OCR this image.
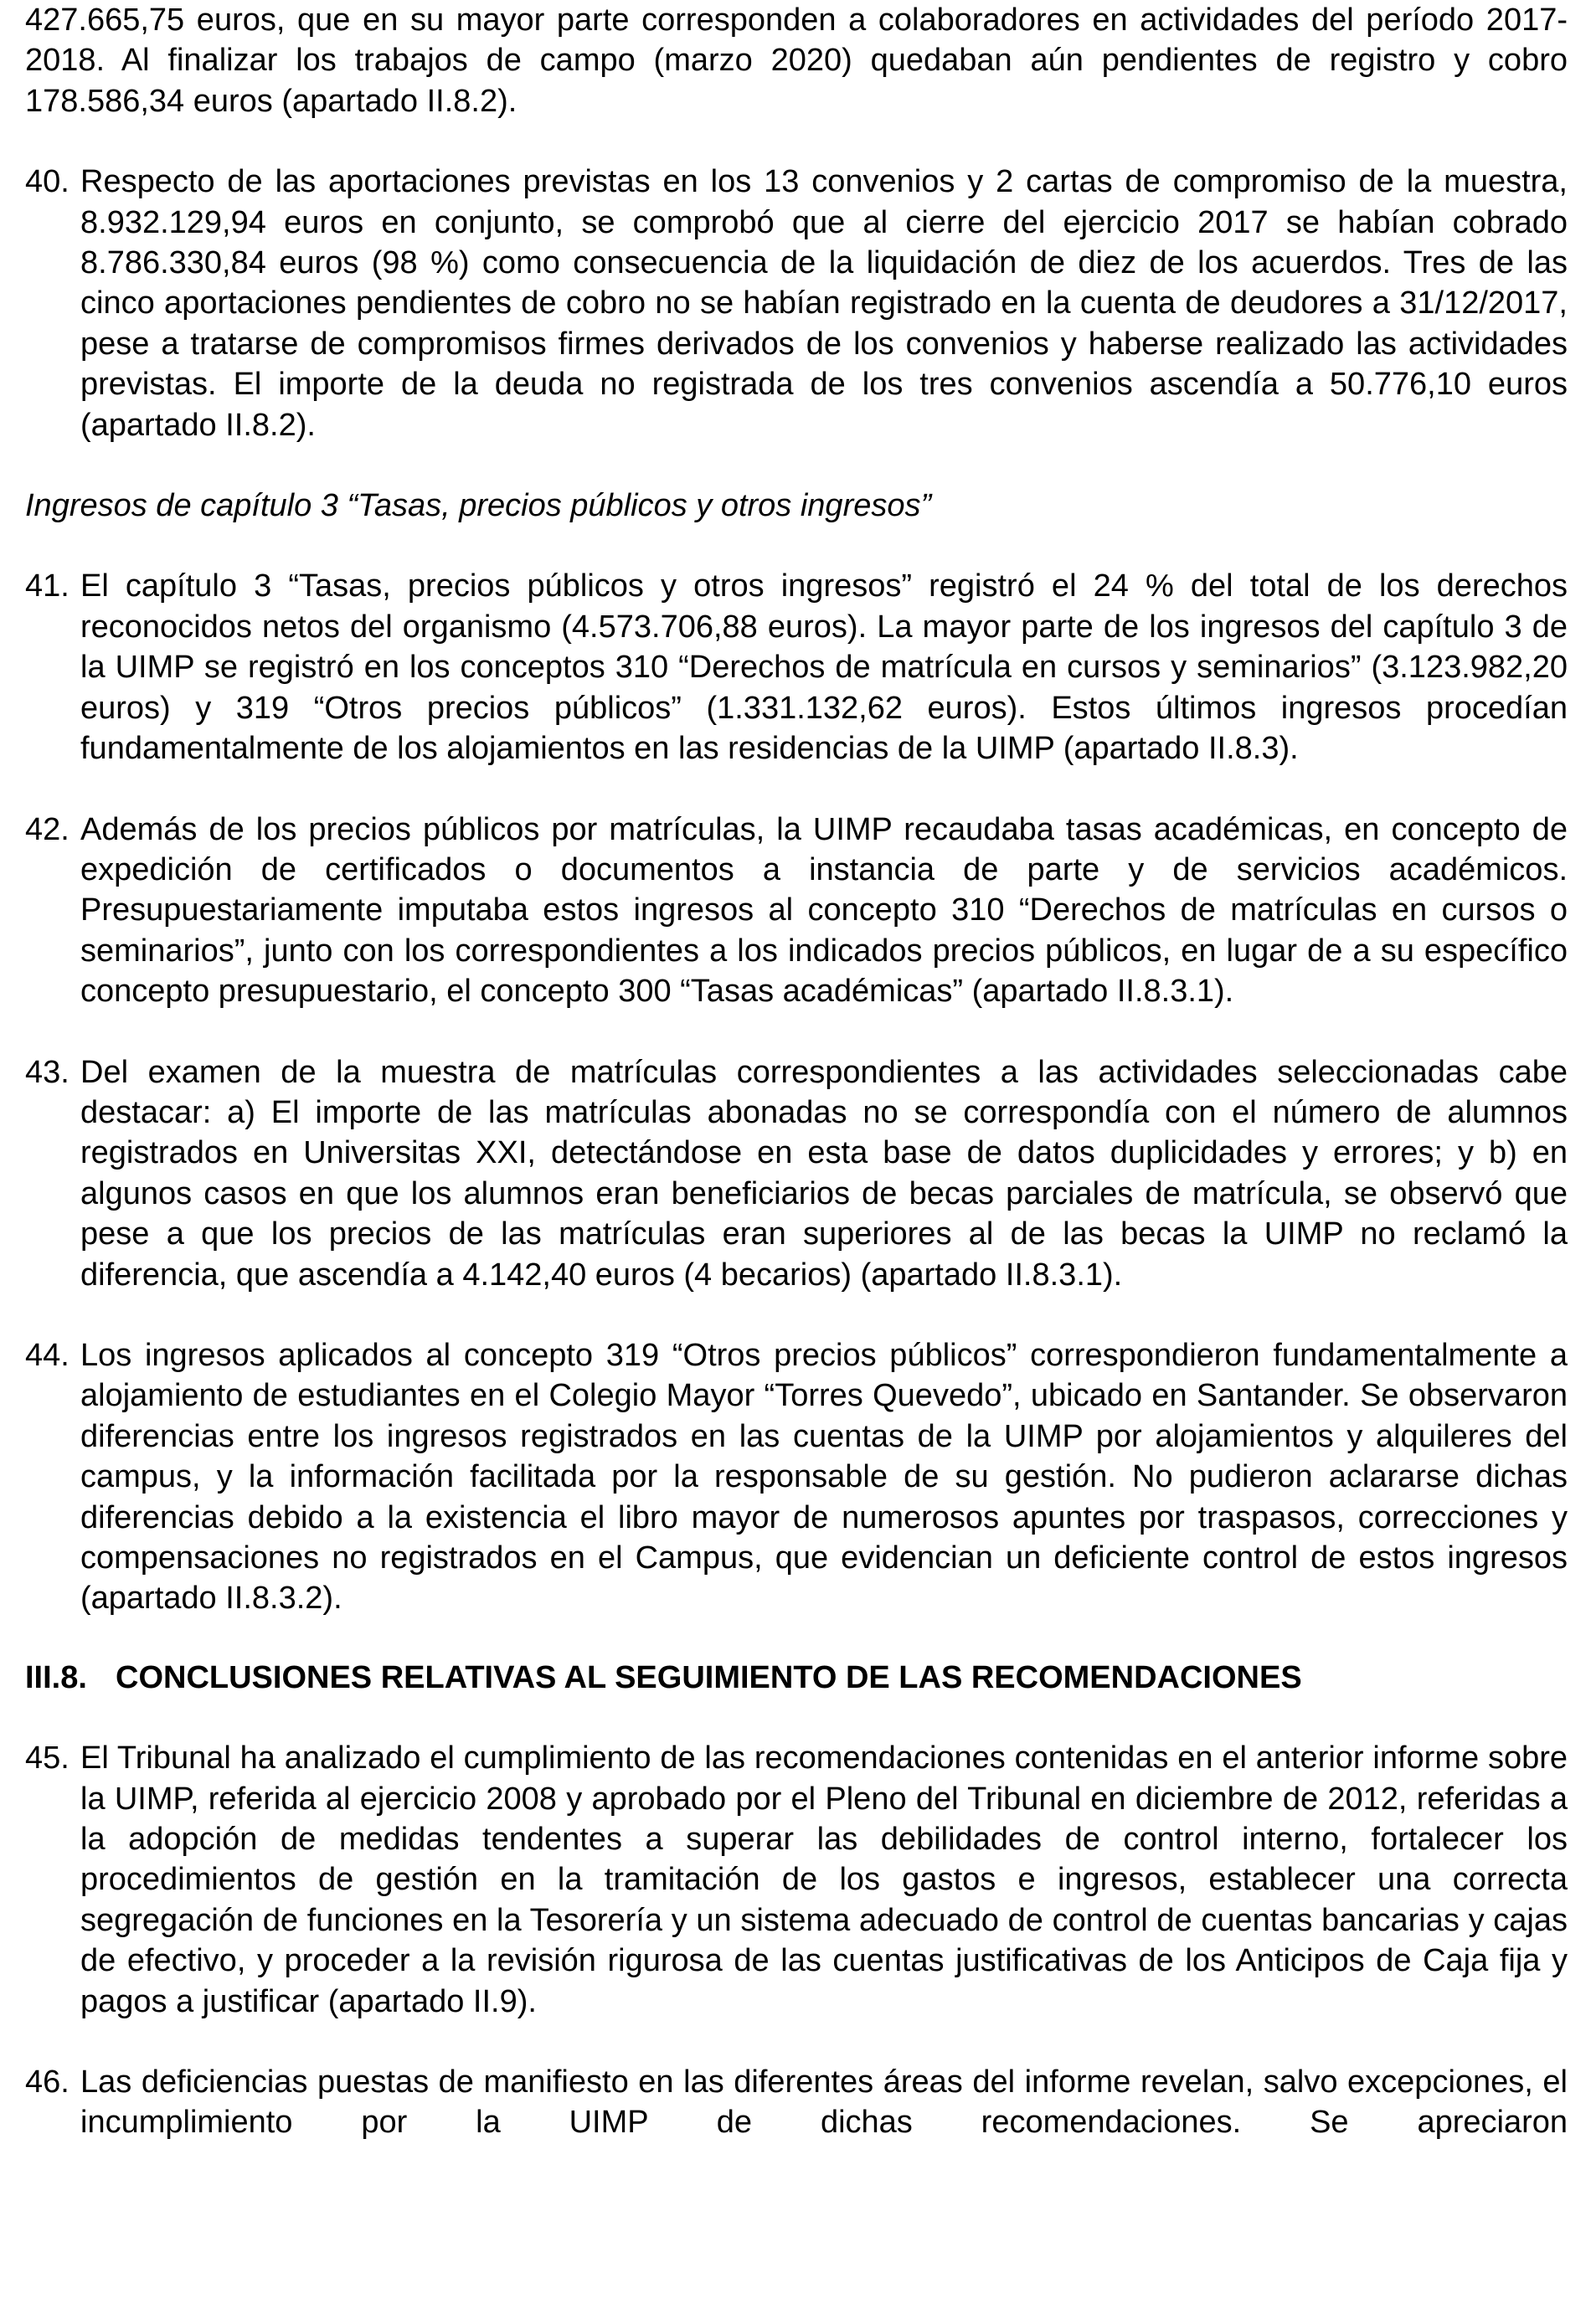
427.665,75 euros, que en su mayor parte corresponden a colaboradores en actividades del período 2017-2018. Al finalizar los trabajos de campo (marzo 2020) quedaban aún pendientes de registro y cobro 178.586,34 euros (apartado II.8.2).
40. Respecto de las aportaciones previstas en los 13 convenios y 2 cartas de compromiso de la muestra, 8.932.129,94 euros en conjunto, se comprobó que al cierre del ejercicio 2017 se habían cobrado 8.786.330,84 euros (98 %) como consecuencia de la liquidación de diez de los acuerdos. Tres de las cinco aportaciones pendientes de cobro no se habían registrado en la cuenta de deudores a 31/12/2017, pese a tratarse de compromisos firmes derivados de los convenios y haberse realizado las actividades previstas. El importe de la deuda no registrada de los tres convenios ascendía a 50.776,10 euros (apartado II.8.2).
Ingresos de capítulo 3 “Tasas, precios públicos y otros ingresos”
41. El capítulo 3 “Tasas, precios públicos y otros ingresos” registró el 24 % del total de los derechos reconocidos netos del organismo (4.573.706,88 euros). La mayor parte de los ingresos del capítulo 3 de la UIMP se registró en los conceptos 310 “Derechos de matrícula en cursos y seminarios” (3.123.982,20 euros) y 319 “Otros precios públicos” (1.331.132,62 euros). Estos últimos ingresos procedían fundamentalmente de los alojamientos en las residencias de la UIMP (apartado II.8.3).
42. Además de los precios públicos por matrículas, la UIMP recaudaba tasas académicas, en concepto de expedición de certificados o documentos a instancia de parte y de servicios académicos. Presupuestariamente imputaba estos ingresos al concepto 310 “Derechos de matrículas en cursos o seminarios”, junto con los correspondientes a los indicados precios públicos, en lugar de a su específico concepto presupuestario, el concepto 300 “Tasas académicas” (apartado II.8.3.1).
43. Del examen de la muestra de matrículas correspondientes a las actividades seleccionadas cabe destacar: a) El importe de las matrículas abonadas no se correspondía con el número de alumnos registrados en Universitas XXI, detectándose en esta base de datos duplicidades y errores; y b) en algunos casos en que los alumnos eran beneficiarios de becas parciales de matrícula, se observó que pese a que los precios de las matrículas eran superiores al de las becas la UIMP no reclamó la diferencia, que ascendía a 4.142,40 euros (4 becarios) (apartado II.8.3.1).
44. Los ingresos aplicados al concepto 319 “Otros precios públicos” correspondieron fundamentalmente a alojamiento de estudiantes en el Colegio Mayor “Torres Quevedo”, ubicado en Santander. Se observaron diferencias entre los ingresos registrados en las cuentas de la UIMP por alojamientos y alquileres del campus, y la información facilitada por la responsable de su gestión. No pudieron aclararse dichas diferencias debido a la existencia el libro mayor de numerosos apuntes por traspasos, correcciones y compensaciones no registrados en el Campus, que evidencian un deficiente control de estos ingresos (apartado II.8.3.2).
III.8. CONCLUSIONES RELATIVAS AL SEGUIMIENTO DE LAS RECOMENDACIONES
45. El Tribunal ha analizado el cumplimiento de las recomendaciones contenidas en el anterior informe sobre la UIMP, referida al ejercicio 2008 y aprobado por el Pleno del Tribunal en diciembre de 2012, referidas a la adopción de medidas tendentes a superar las debilidades de control interno, fortalecer los procedimientos de gestión en la tramitación de los gastos e ingresos, establecer una correcta segregación de funciones en la Tesorería y un sistema adecuado de control de cuentas bancarias y cajas de efectivo, y proceder a la revisión rigurosa de las cuentas justificativas de los Anticipos de Caja fija y pagos a justificar (apartado II.9).
46. Las deficiencias puestas de manifiesto en las diferentes áreas del informe revelan, salvo excepciones, el incumplimiento por la UIMP de dichas recomendaciones. Se apreciaron
